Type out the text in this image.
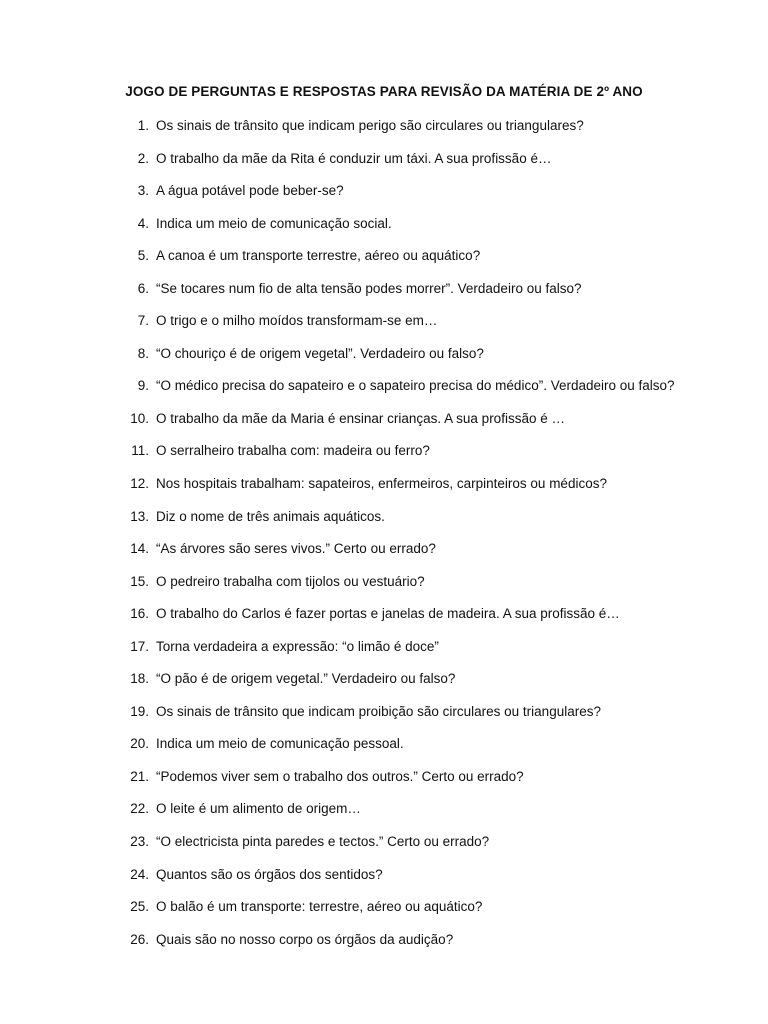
JOGO DE PERGUNTAS E RESPOSTAS PARA REVISÃO DA MATÉRIA DE 2º ANO
1. Os sinais de trânsito que indicam perigo são circulares ou triangulares?
2. O trabalho da mãe da Rita é conduzir um táxi. A sua profissão é…
3. A água potável pode beber-se?
4. Indica um meio de comunicação social.
5. A canoa é um transporte terrestre, aéreo ou aquático?
6. “Se tocares num fio de alta tensão podes morrer”. Verdadeiro ou falso?
7. O trigo e o milho moídos transformam-se em…
8. “O chouriço é de origem vegetal”. Verdadeiro ou falso?
9. “O médico precisa do sapateiro e o sapateiro precisa do médico”. Verdadeiro ou falso?
10. O trabalho da mãe da Maria é ensinar crianças. A sua profissão é …
11. O serralheiro trabalha com: madeira ou ferro?
12. Nos hospitais trabalham: sapateiros, enfermeiros, carpinteiros ou médicos?
13. Diz o nome de três animais aquáticos.
14. “As árvores são seres vivos.” Certo ou errado?
15. O pedreiro trabalha com tijolos ou vestuário?
16. O trabalho do Carlos é fazer portas e janelas de madeira. A sua profissão é…
17. Torna verdadeira a expressão: “o limão é doce”
18. “O pão é de origem vegetal.” Verdadeiro ou falso?
19. Os sinais de trânsito que indicam proibição são circulares ou triangulares?
20. Indica um meio de comunicação pessoal.
21. “Podemos viver sem o trabalho dos outros.” Certo ou errado?
22. O leite é um alimento de origem…
23. “O electricista pinta paredes e tectos.” Certo ou errado?
24. Quantos são os órgãos dos sentidos?
25. O balão é um transporte: terrestre, aéreo ou aquático?
26. Quais são no nosso corpo os órgãos da audição?
